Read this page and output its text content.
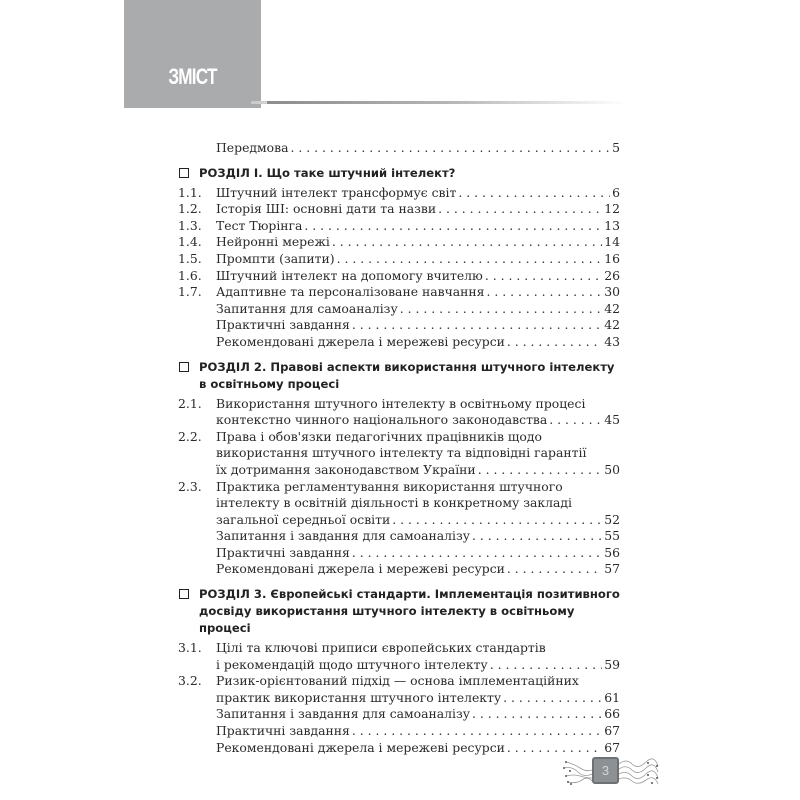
ЗМІСТ
Передмова . . .	5
РОЗДІЛ І. Що таке штучний інтелект?
1.1.	Штучний інтелект трансформує світ . . .	6
1.2.	Історія ШІ: основні дати та назви . . .	12
1.3.	Тест Тюрінга . . .	13
1.4.	Нейронні мережі . . .	14
1.5.	Промпти (запити) . . .	16
1.6.	Штучний інтелект на допомогу вчителю . . .	26
1.7.	Адаптивне та персоналізоване навчання . . .	30
Запитання для самоаналізу . . .	42
Практичні завдання . . .	42
Рекомендовані джерела і мережеві ресурси . . .	43
РОЗДІЛ 2. Правові аспекти використання штучного інтелекту
в освітньому процесі
2.1.	Використання штучного інтелекту в освітньому процесі
контекстно чинного національного законодавства . . .	45
2.2.	Права і обов'язки педагогічних працівників щодо
використання штучного інтелекту та відповідні гарантії
їх дотримання законодавством України . . .	50
2.3.	Практика регламентування використання штучного
інтелекту в освітній діяльності в конкретному закладі
загальної середньої освіти . . .	52
Запитання і завдання для самоаналізу . . .	55
Практичні завдання . . .	56
Рекомендовані джерела і мережеві ресурси . . .	57
РОЗДІЛ 3. Європейські стандарти. Імплементація позитивного
досвіду використання штучного інтелекту в освітньому процесі
3.1.	Цілі та ключові приписи європейських стандартів
і рекомендацій щодо штучного інтелекту . . .	59
3.2.	Ризик-орієнтований підхід — основа імплементаційних
практик використання штучного інтелекту . . .	61
Запитання і завдання для самоаналізу . . .	66
Практичні завдання . . .	67
Рекомендовані джерела і мережеві ресурси . . .	67
3
